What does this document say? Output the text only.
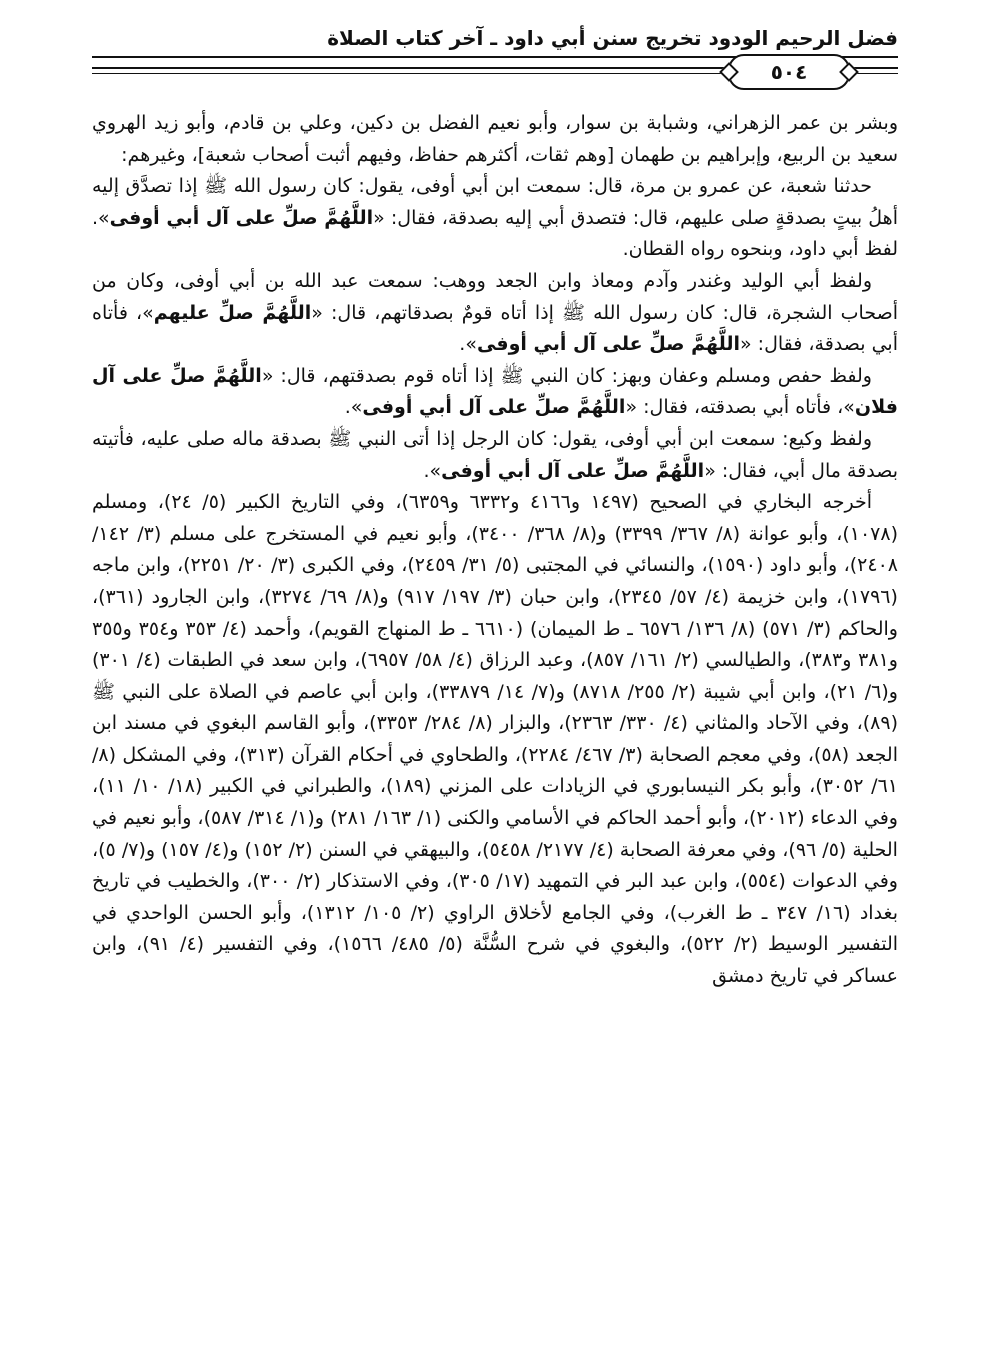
فضل الرحيم الودود تخريج سنن أبي داود ـ آخر كتاب الصلاة
٥٠٤

وبشر بن عمر الزهراني، وشبابة بن سوار، وأبو نعيم الفضل بن دكين، وعلي بن قادم، وأبو زيد الهروي سعيد بن الربيع، وإبراهيم بن طهمان [وهم ثقات، أكثرهم حفاظ، وفيهم أثبت أصحاب شعبة]، وغيرهم:

حدثنا شعبة، عن عمرو بن مرة، قال: سمعت ابن أبي أوفى، يقول: كان رسول الله ﷺ إذا تصدَّق إليه أهلُ بيتٍ بصدقةٍ صلى عليهم، قال: فتصدق أبي إليه بصدقة، فقال: «اللَّهُمَّ صلِّ على آل أبي أوفى». لفظ أبي داود، وبنحوه رواه القطان.

ولفظ أبي الوليد وغندر وآدم ومعاذ وابن الجعد ووهب: سمعت عبد الله بن أبي أوفى، وكان من أصحاب الشجرة، قال: كان رسول الله ﷺ إذا أتاه قومٌ بصدقاتهم، قال: «اللَّهُمَّ صلِّ عليهم»، فأتاه أبي بصدقة، فقال: «اللَّهُمَّ صلِّ على آل أبي أوفى».

ولفظ حفص ومسلم وعفان وبهز: كان النبي ﷺ إذا أتاه قوم بصدقتهم، قال: «اللَّهُمَّ صلِّ على آل فلان»، فأتاه أبي بصدقته، فقال: «اللَّهُمَّ صلِّ على آل أبي أوفى».

ولفظ وكيع: سمعت ابن أبي أوفى، يقول: كان الرجل إذا أتى النبي ﷺ بصدقة ماله صلى عليه، فأتيته بصدقة مال أبي، فقال: «اللَّهُمَّ صلِّ على آل أبي أوفى».

أخرجه البخاري في الصحيح (١٤٩٧ و٤١٦٦ و٦٣٣٢ و٦٣٥٩)، وفي التاريخ الكبير (٥/ ٢٤)، ومسلم (١٠٧٨)، وأبو عوانة (٨/ ٣٦٧/ ٣٣٩٩) و(٨/ ٣٦٨/ ٣٤٠٠)، وأبو نعيم في المستخرج على مسلم (٣/ ١٤٢/ ٢٤٠٨)، وأبو داود (١٥٩٠)، والنسائي في المجتبى (٥/ ٣١/ ٢٤٥٩)، وفي الكبرى (٣/ ٢٠/ ٢٢٥١)، وابن ماجه (١٧٩٦)، وابن خزيمة (٤/ ٥٧/ ٢٣٤٥)، وابن حبان (٣/ ١٩٧/ ٩١٧) و(٨/ ٦٩/ ٣٢٧٤)، وابن الجارود (٣٦١)، والحاكم (٣/ ٥٧١) (٨/ ١٣٦/ ٦٥٧٦ ـ ط الميمان) (٦٦١٠ ـ ط المنهاج القويم)، وأحمد (٤/ ٣٥٣ و٣٥٤ و٣٥٥ و٣٨١ و٣٨٣)، والطيالسي (٢/ ١٦١/ ٨٥٧)، وعبد الرزاق (٤/ ٥٨/ ٦٩٥٧)، وابن سعد في الطبقات (٤/ ٣٠١) و(٦/ ٢١)، وابن أبي شيبة (٢/ ٢٥٥/ ٨٧١٨) و(٧/ ١٤/ ٣٣٨٧٩)، وابن أبي عاصم في الصلاة على النبي ﷺ (٨٩)، وفي الآحاد والمثاني (٤/ ٣٣٠/ ٢٣٦٣)، والبزار (٨/ ٢٨٤/ ٣٣٥٣)، وأبو القاسم البغوي في مسند ابن الجعد (٥٨)، وفي معجم الصحابة (٣/ ٤٦٧/ ٢٢٨٤)، والطحاوي في أحكام القرآن (٣١٣)، وفي المشكل (٨/ ٦١/ ٣٠٥٢)، وأبو بكر النيسابوري في الزيادات على المزني (١٨٩)، والطبراني في الكبير (١٨/ ١٠/ ١١)، وفي الدعاء (٢٠١٢)، وأبو أحمد الحاكم في الأسامي والكنى (١/ ١٦٣/ ٢٨١) و(١/ ٣١٤/ ٥٨٧)، وأبو نعيم في الحلية (٥/ ٩٦)، وفي معرفة الصحابة (٤/ ٢١٧٧/ ٥٤٥٨)، والبيهقي في السنن (٢/ ١٥٢) و(٤/ ١٥٧) و(٧/ ٥)، وفي الدعوات (٥٥٤)، وابن عبد البر في التمهيد (١٧/ ٣٠٥)، وفي الاستذكار (٢/ ٣٠٠)، والخطيب في تاريخ بغداد (١٦/ ٣٤٧ ـ ط الغرب)، وفي الجامع لأخلاق الراوي (٢/ ١٠٥/ ١٣١٢)، وأبو الحسن الواحدي في التفسير الوسيط (٢/ ٥٢٢)، والبغوي في شرح السُّنَّة (٥/ ٤٨٥/ ١٥٦٦)، وفي التفسير (٤/ ٩١)، وابن عساكر في تاريخ دمشق
